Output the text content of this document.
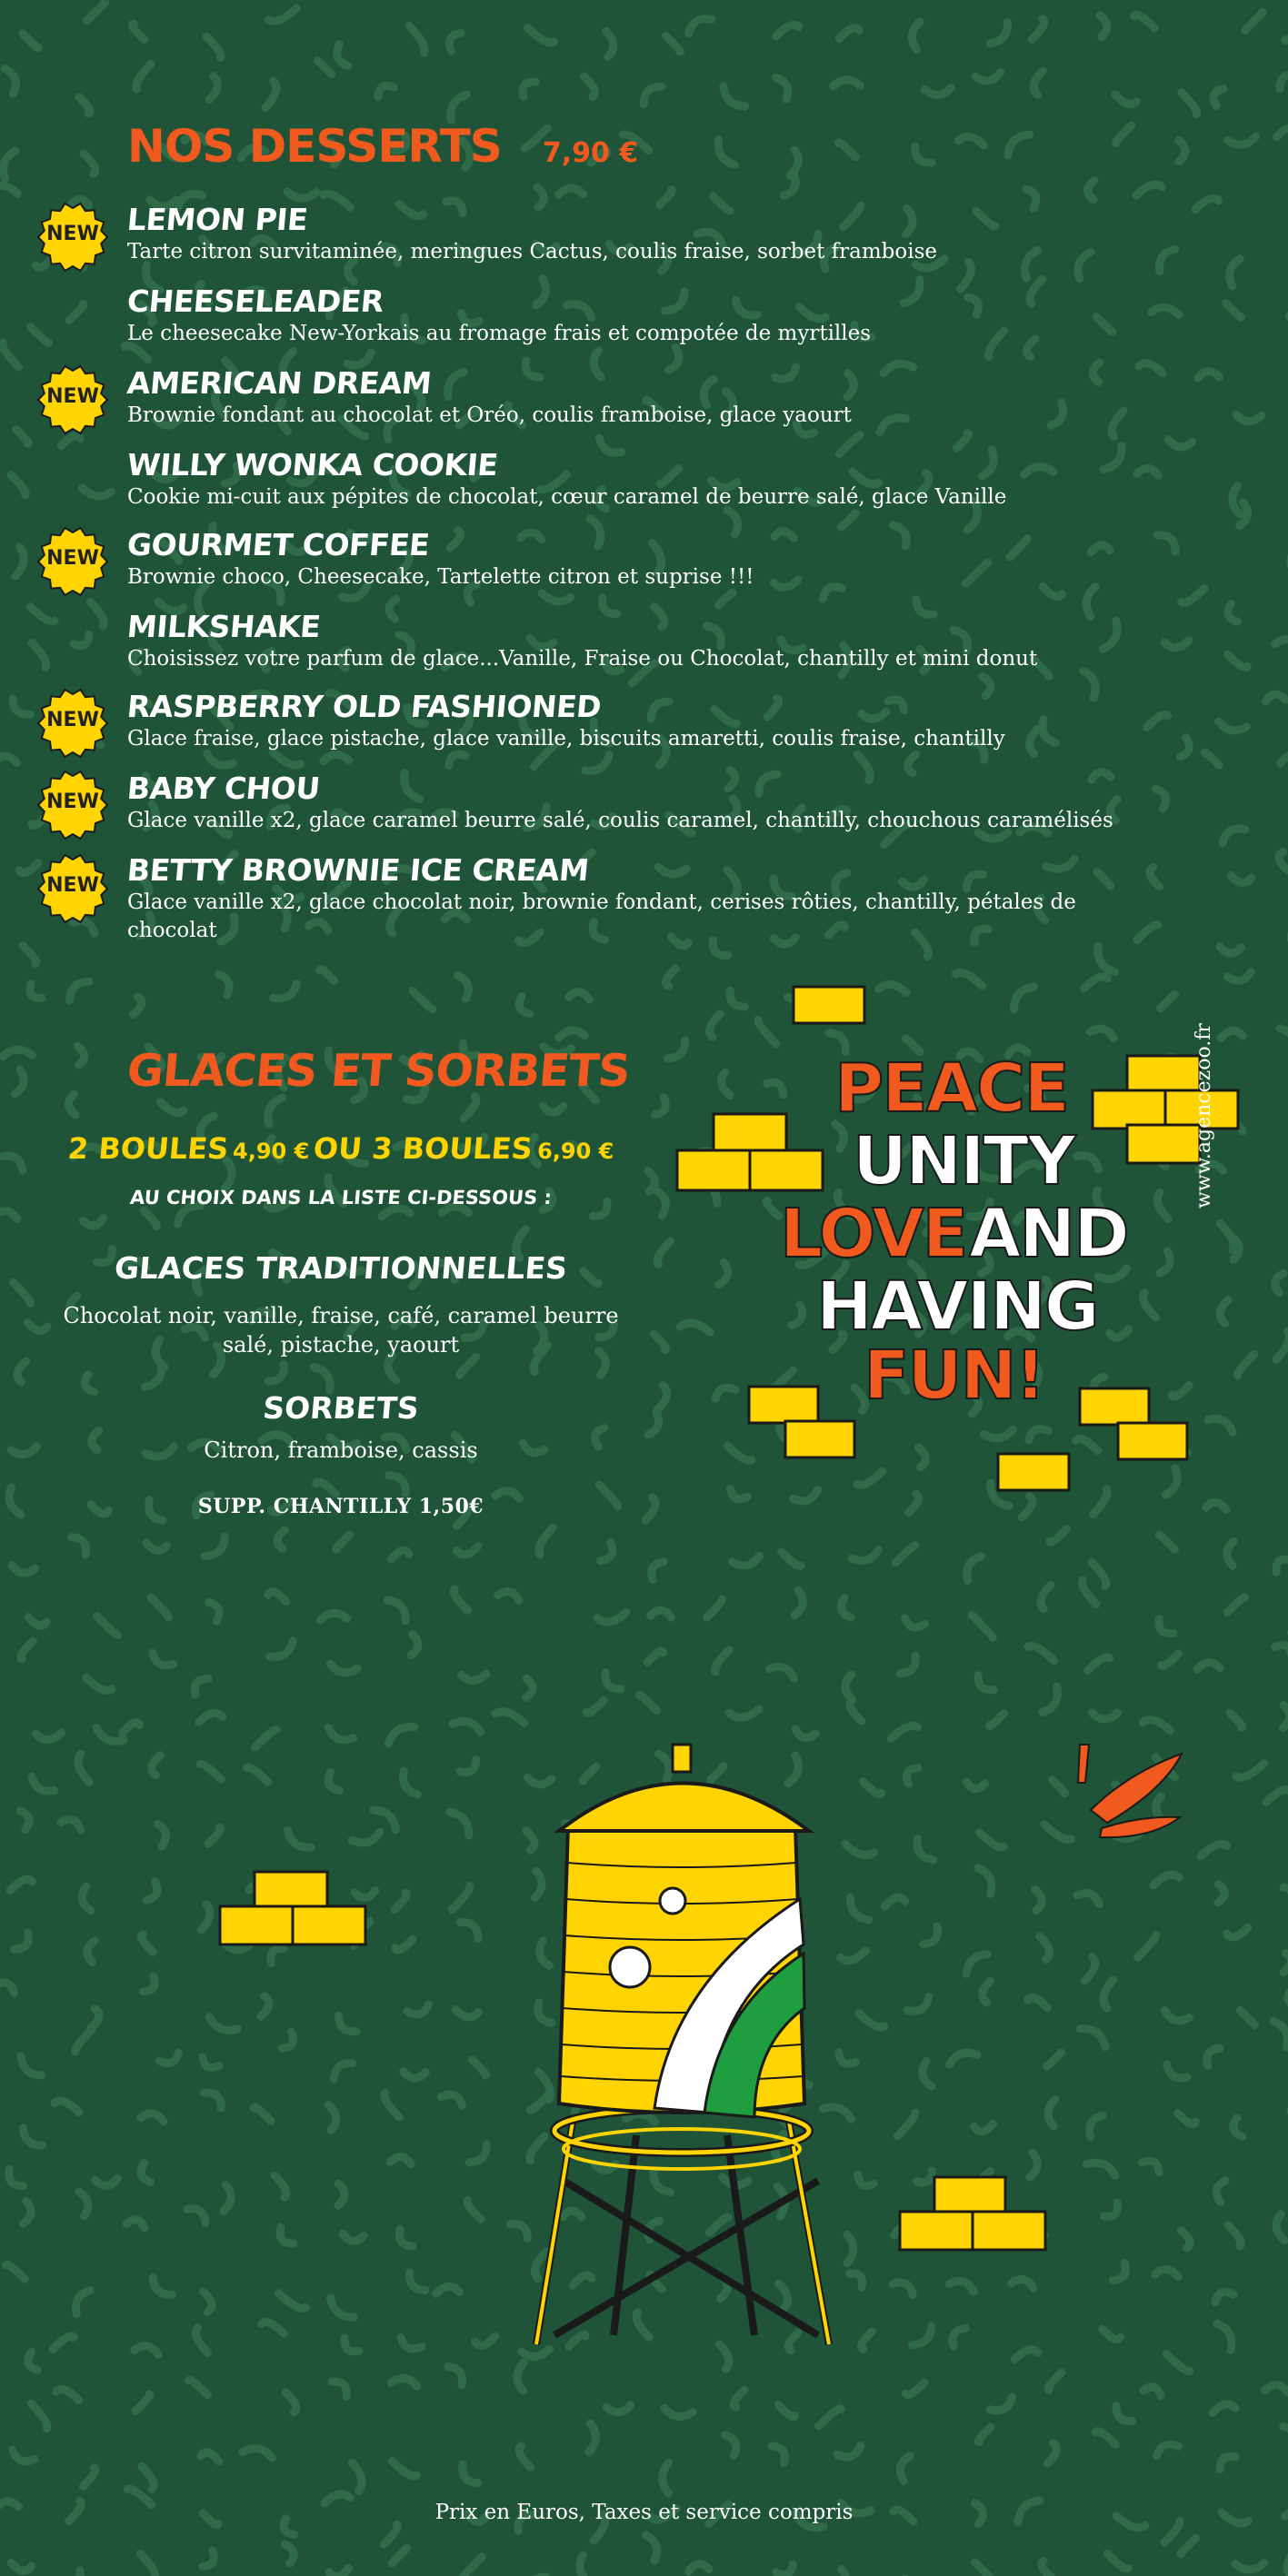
NOS DESSERTS 7,90 €
LEMON PIE
Tarte citron survitaminée, meringues Cactus, coulis fraise, sorbet framboise
CHEESELEADER
Le cheesecake New-Yorkais au fromage frais et compotée de myrtilles
AMERICAN DREAM
Brownie fondant au chocolat et Oréo, coulis framboise, glace yaourt
WILLY WONKA COOKIE
Cookie mi-cuit aux pépites de chocolat, cœur caramel de beurre salé, glace Vanille
GOURMET COFFEE
Brownie choco, Cheesecake, Tartelette citron et suprise !!!
MILKSHAKE
Choisissez votre parfum de glace...Vanille, Fraise ou Chocolat, chantilly et mini donut
RASPBERRY OLD FASHIONED
Glace fraise, glace pistache, glace vanille, biscuits amaretti, coulis fraise, chantilly
BABY CHOU
Glace vanille x2, glace caramel beurre salé, coulis caramel, chantilly, chouchous caramélisés
BETTY BROWNIE ICE CREAM
Glace vanille x2, glace chocolat noir, brownie fondant, cerises rôties, chantilly, pétales de chocolat
NEW
NEW
NEW
NEW
NEW
NEW
GLACES ET SORBETS
2 BOULES 4,90 € OU 3 BOULES 6,90 €
AU CHOIX DANS LA LISTE CI-DESSOUS :
GLACES TRADITIONNELLES
Chocolat noir, vanille, fraise, café, caramel beurre salé, pistache, yaourt
SORBETS
Citron, framboise, cassis
SUPP. CHANTILLY 1,50€
PEACE
UNITY
LOVE AND
HAVING
FUN!
www.agencezoo.fr
Prix en Euros, Taxes et service compris
